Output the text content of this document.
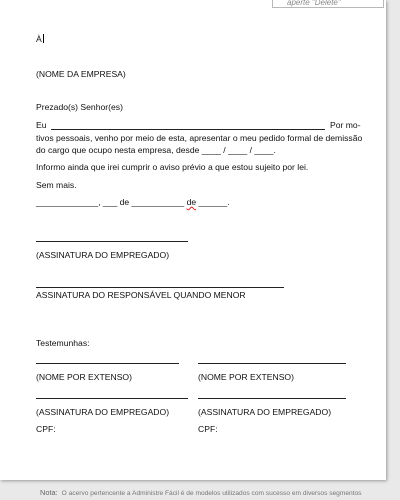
aperte "Delete"
À
(NOME DA EMPRESA)
Prezado(s) Senhor(es)
Eu	Por mo-
tivos pessoais, venho por meio de esta, apresentar o meu pedido formal de demissão
do cargo que ocupo nesta empresa, desde ____ / ____ / ____.
Informo ainda que irei cumprir o aviso prévio a que estou sujeito por lei.
Sem mais.
_____________, ___ de ___________ de ______.
(ASSINATURA DO EMPREGADO)
ASSINATURA DO RESPONSÁVEL QUANDO MENOR
Testemunhas:
(NOME POR EXTENSO)	(NOME POR EXTENSO)
(ASSINATURA DO EMPREGADO)	(ASSINATURA DO EMPREGADO)
CPF:	CPF:
Nota: O acervo pertencente a Administre Fácil é de modelos utilizados com sucesso em diversos segmentos
